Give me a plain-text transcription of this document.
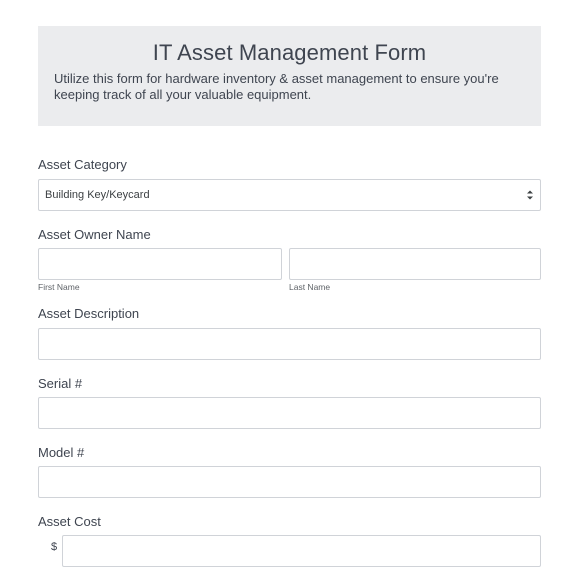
IT Asset Management Form
Utilize this form for hardware inventory & asset management to ensure you're keeping track of all your valuable equipment.
Asset Category
Building Key/Keycard
Asset Owner Name
First Name	Last Name
Asset Description
Serial #
Model #
Asset Cost
$
